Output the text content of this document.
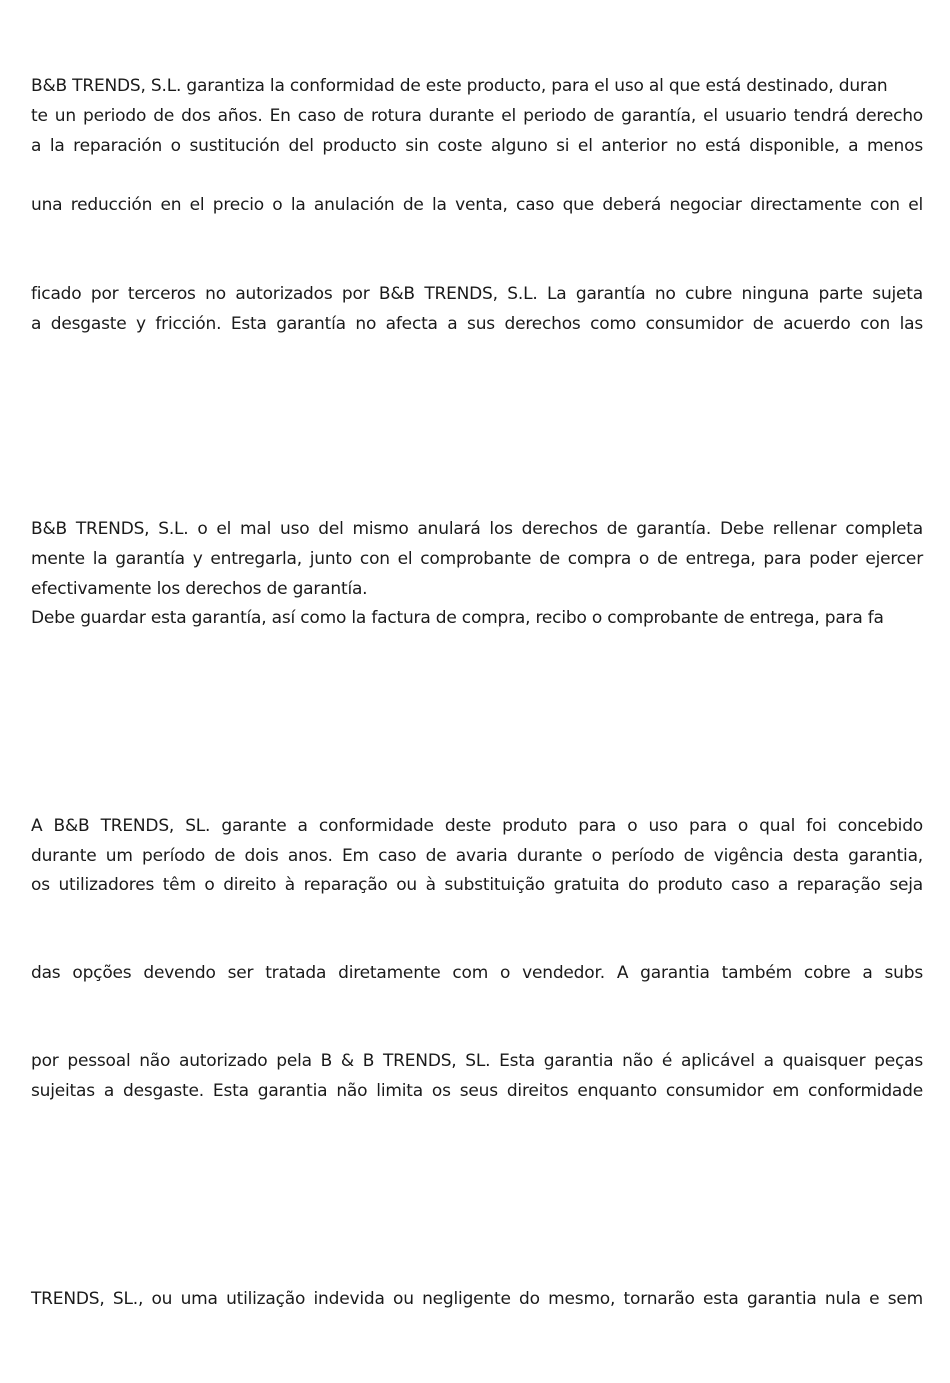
B&B TRENDS, S.L. garantiza la conformidad de este producto, para el uso al que está destinado, duran
te un periodo de dos años. En caso de rotura durante el periodo de garantía, el usuario tendrá derecho
a la reparación o sustitución del producto sin coste alguno si el anterior no está disponible, a menos
una reducción en el precio o la anulación de la venta, caso que deberá negociar directamente con el
ficado por terceros no autorizados por B&B TRENDS, S.L. La garantía no cubre ninguna parte sujeta
a desgaste y fricción. Esta garantía no afecta a sus derechos como consumidor de acuerdo con las
B&B TRENDS, S.L. o el mal uso del mismo anulará los derechos de garantía. Debe rellenar completa
mente la garantía y entregarla, junto con el comprobante de compra o de entrega, para poder ejercer
efectivamente los derechos de garantía.
Debe guardar esta garantía, así como la factura de compra, recibo o comprobante de entrega, para fa
A B&B TRENDS, SL. garante a conformidade deste produto para o uso para o qual foi concebido
durante um período de dois anos. Em caso de avaria durante o período de vigência desta garantia,
os utilizadores têm o direito à reparação ou à substituição gratuita do produto caso a reparação seja
das opções devendo ser tratada diretamente com o vendedor. A garantia também cobre a subs
por pessoal não autorizado pela B & B TRENDS, SL. Esta garantia não é aplicável a quaisquer peças
sujeitas a desgaste. Esta garantia não limita os seus direitos enquanto consumidor em conformidade
TRENDS, SL., ou uma utilização indevida ou negligente do mesmo, tornarão esta garantia nula e sem
